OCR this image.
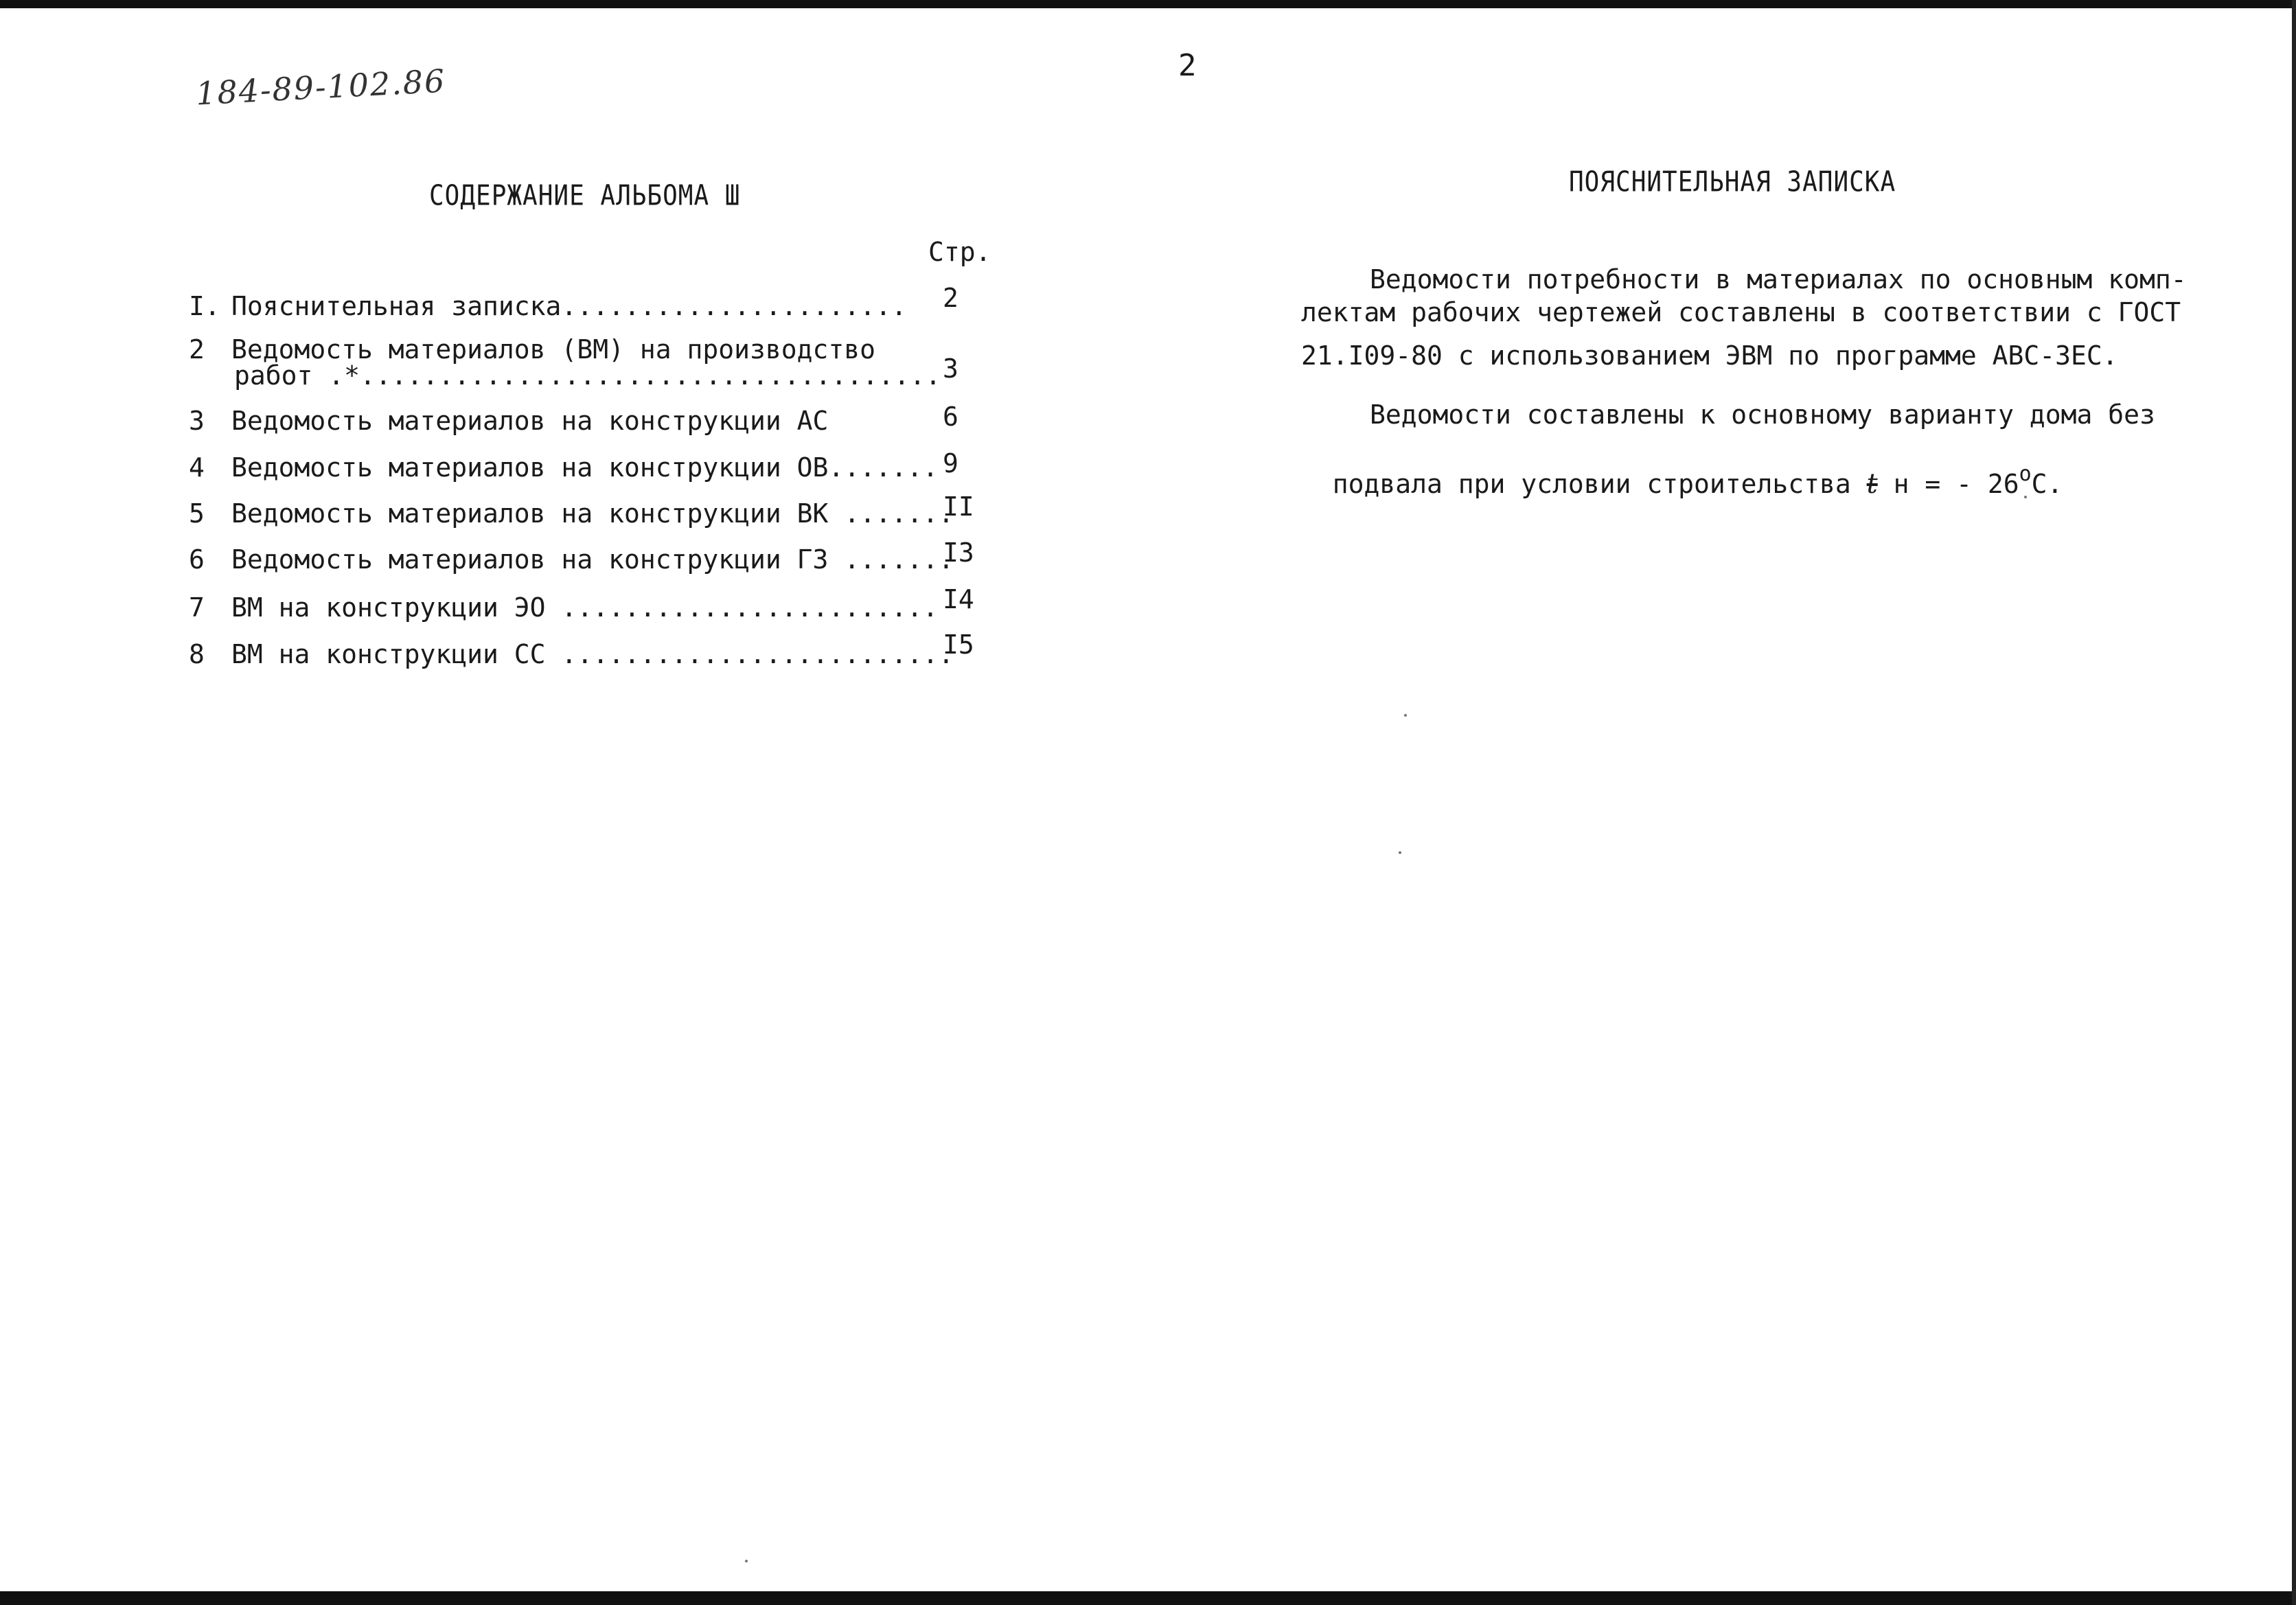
184-89-102.86	2
СОДЕРЖАНИЕ АЛЬБОМА Ш
Стр.
I. Пояснительная записка...................... 2
2 Ведомость материалов (ВМ) на производство
работ .*..................................... 3
3 Ведомость материалов на конструкции АС	6
4 Ведомость материалов на конструкции ОВ....... 9
5 Ведомость материалов на конструкции ВК .......
II
6 Ведомость материалов на конструкции ГЗ .......
I3
7 ВМ на конструкции ЭО ........................ I4
8 ВМ на конструкции СС .........................
I5
ПОЯСНИТЕЛЬНАЯ ЗАПИСКА
Ведомости потребности в материалах по основным комп-
лектам рабочих чертежей составлены в соответствии с ГОСТ
21.I09-80 с использованием ЭВМ по программе АВС-ЗЕС.
Ведомости составлены к основному варианту дома без

подвала при условии строительства t н = - $26^оС$.
